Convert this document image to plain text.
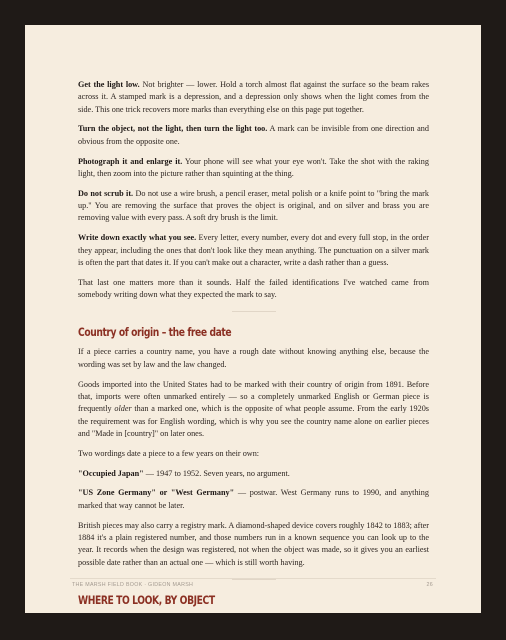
Get the light low. Not brighter — lower. Hold a torch almost flat against the surface so the beam rakes across it. A stamped mark is a depression, and a depression only shows when the light comes from the side. This one trick recovers more marks than everything else on this page put together.

Turn the object, not the light, then turn the light too. A mark can be invisible from one direction and obvious from the opposite one.

Photograph it and enlarge it. Your phone will see what your eye won't. Take the shot with the raking light, then zoom into the picture rather than squinting at the thing.

Do not scrub it. Do not use a wire brush, a pencil eraser, metal polish or a knife point to "bring the mark up." You are removing the surface that proves the object is original, and on silver and brass you are removing value with every pass. A soft dry brush is the limit.

Write down exactly what you see. Every letter, every number, every dot and every full stop, in the order they appear, including the ones that don't look like they mean anything. The punctuation on a silver mark is often the part that dates it. If you can't make out a character, write a dash rather than a guess.

That last one matters more than it sounds. Half the failed identifications I've watched came from somebody writing down what they expected the mark to say.

Country of origin – the free date

If a piece carries a country name, you have a rough date without knowing anything else, because the wording was set by law and the law changed.

Goods imported into the United States had to be marked with their country of origin from 1891. Before that, imports were often unmarked entirely — so a completely unmarked English or German piece is frequently older than a marked one, which is the opposite of what people assume. From the early 1920s the requirement was for English wording, which is why you see the country name alone on earlier pieces and "Made in [country]" on later ones.

Two wordings date a piece to a few years on their own:

"Occupied Japan" — 1947 to 1952. Seven years, no argument.

"US Zone Germany" or "West Germany" — postwar. West Germany runs to 1990, and anything marked that way cannot be later.

British pieces may also carry a registry mark. A diamond-shaped device covers roughly 1842 to 1883; after 1884 it's a plain registered number, and those numbers run in a known sequence you can look up to the year. It records when the design was registered, not when the object was made, so it gives you an earliest possible date rather than an actual one — which is still worth having.

WHERE TO LOOK, BY OBJECT
THE MARSH FIELD BOOK · GIDEON MARSH	26
